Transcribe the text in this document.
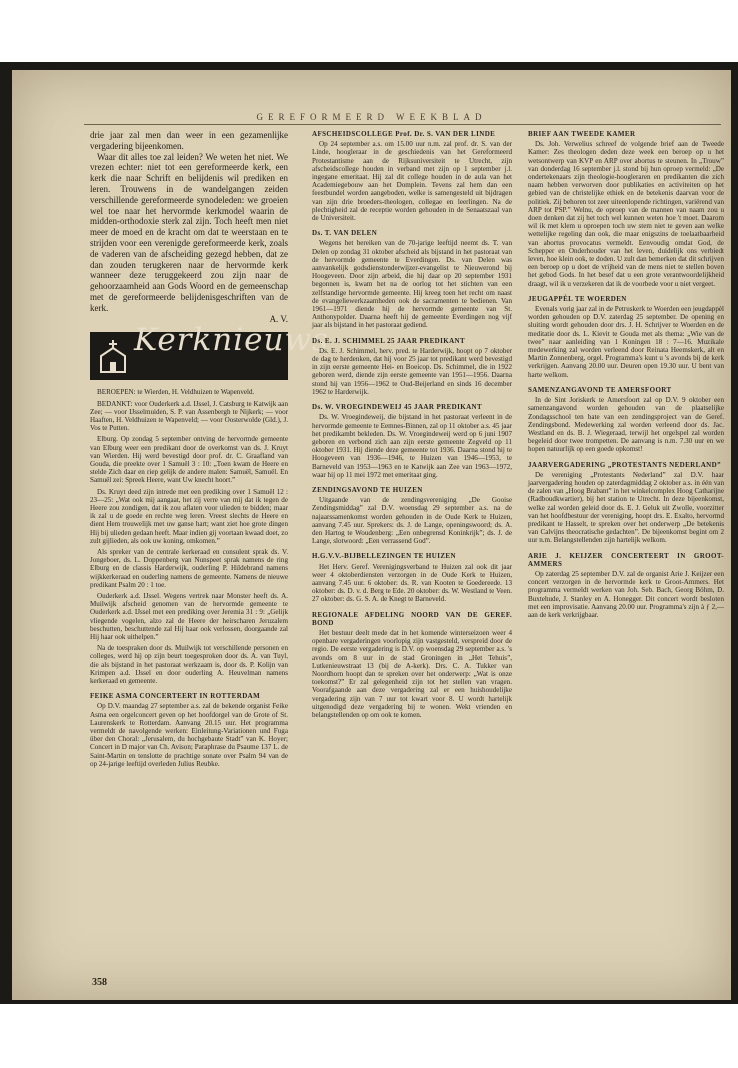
GEREFORMEERD WEEKBLAD

drie jaar zal men dan weer in een gezamenlijke vergadering bijeenkomen.

Waar dit alles toe zal leiden? We weten het niet. We vrezen echter: niet tot een gereformeerde kerk, een kerk die naar Schrift en belijdenis wil prediken en leren. Trouwens in de wandelgangen zeiden verschillende gereformeerde synodeleden: we groeien wel toe naar het hervormde kerkmodel waarin de midden-orthodoxie sterk zal zijn. Toch heeft men niet meer de moed en de kracht om dat te weerstaan en te strijden voor een verenigde gereformeerde kerk, zoals de vaderen van de afscheiding gezegd hebben, dat ze dan zouden terugkeren naar de hervormde kerk wanneer deze teruggekeerd zou zijn naar de gehoorzaamheid aan Gods Woord en de gemeenschap met de gereformeerde belijdenisgeschriften van de kerk.

A. V.
Kerknieuws

BEROEPEN: te Wierden, H. Veldhuizen te Wapenveld.

BEDANKT: voor Ouderkerk a.d. IJssel, J. Catsburg te Katwijk aan Zee; — voor IJsselmuiden, S. P. van Assenbergh te Nijkerk; — voor Haaften, H. Veldhuizen te Wapenveld; — voor Oosterwolde (Gld.), J. Vos te Putten.

Elburg. Op zondag 5 september ontving de hervormde gemeente van Elburg weer een predikant door de overkomst van ds. J. Kruyt van Wierden. Hij werd bevestigd door prof. dr. C. Graafland van Gouda, die preekte over 1 Samuël 3 : 10: „Toen kwam de Heere en stelde Zich daar en riep gelijk de andere malen: Samuël, Samuël. En Samuël zei: Spreek Heere, want Uw knecht hoort.”

Ds. Kruyt deed zijn intrede met een prediking over 1 Samuël 12 : 23—25: „Wat ook mij aangaat, het zij verre van mij dat ik tegen de Heere zou zondigen, dat ik zou aflaten voor ulieden te bidden; maar ik zal u de goede en rechte weg leren. Vreest slechts de Heere en dient Hem trouwelijk met uw ganse hart; want ziet hoe grote dingen Hij bij ulieden gedaan heeft. Maar indien gij voortaan kwaad doet, zo zult gijlieden, als ook uw koning, omkomen.”

Als spreker van de centrale kerkeraad en consulent sprak ds. V. Jongeboer, ds. L. Doppenberg van Nunspeet sprak namens de ring Elburg en de classis Harderwijk, ouderling P. Hildebrand namens wijkkerkeraad en ouderling namens de gemeente. Namens de nieuwe predikant Psalm 20 : 1 toe.

Ouderkerk a.d. IJssel. Wegens vertrek naar Monster heeft ds. A. Muilwijk afscheid genomen van de hervormde gemeente te Ouderkerk a.d. IJssel met een prediking over Jeremia 31 : 9: „Gelijk vliegende vogelen, alzo zal de Heere der heirscharen Jeruzalem beschutten, beschuttende zal Hij haar ook verlossen, doorgaande zal Hij haar ook uithelpen.”

Na de toespraken door ds. Muilwijk tot verschillende personen en colleges, werd hij op zijn beurt toegesproken door ds. A. van Tuyl, die als bijstand in het pastoraat werkzaam is, door ds. P. Kolijn van Krimpen a.d. IJssel en door ouderling A. Heuvelman namens kerkeraad en gemeente.

FEIKE ASMA CONCERTEERT IN ROTTERDAM

Op D.V. maandag 27 september a.s. zal de bekende organist Feike Asma een orgelconcert geven op het hoofdorgel van de Grote of St. Laurenskerk te Rotterdam. Aanvang 20.15 uur. Het programma vermeldt de navolgende werken: Einleitung-Variationen und Fuga über den Choral: „Jerusalem, du hochgebaute Stadt” van K. Hoyer; Concert in D major van Ch. Avison; Paraphrase du Psaume 137 L. de Saint-Martin en tenslotte de prachtige sonate over Psalm 94 van de op 24-jarige leeftijd overleden Julius Reubke.

AFSCHEIDSCOLLEGE Prof. Dr. S. VAN DER LINDE

Op 24 september a.s. om 15.00 uur n.m. zal prof. dr. S. van der Linde, hoogleraar in de geschiedenis van het Gereformeerd Protestantisme aan de Rijksuniversiteit te Utrecht, zijn afscheidscollege houden in verband met zijn op 1 september j.l. ingegane emeritaat. Hij zal dit college houden in de aula van het Academiegebouw aan het Domplein. Tevens zal hem dan een feestbundel worden aangeboden, welke is samengesteld uit bijdragen van zijn drie broeders-theologen, collegae en leerlingen. Na de plechtigheid zal de receptie worden gehouden in de Senaatszaal van de Universiteit.

Ds. T. VAN DELEN

Wegens het bereiken van de 70-jarige leeftijd neemt ds. T. van Delen op zondag 31 oktober afscheid als bijstand in het pastoraat van de hervormde gemeente te Everdingen. Ds. van Delen was aanvankelijk godsdienstonderwijzer-evangelist te Nieuwerond bij Hoogeveen. Door zijn arbeid, die hij daar op 20 september 1931 begonnen is, kwam het na de oorlog tot het stichten van een zelfstandige hervormde gemeente. Hij kreeg toen het recht om naast de evangeliewerkzaamheden ook de sacramenten te bedienen. Van 1961—1971 diende hij de hervormde gemeente van St. Anthonypolder. Daarna heeft hij de gemeente Everdingen nog vijf jaar als bijstand in het pastoraat gediend.

Ds. E. J. SCHIMMEL 25 JAAR PREDIKANT

Ds. E. J. Schimmel, herv. pred. te Harderwijk, hoopt op 7 oktober de dag te herdenken, dat hij voor 25 jaar tot predikant werd bevestigd in zijn eerste gemeente Hei- en Boeicop. Ds. Schimmel, die in 1922 geboren werd, diende zijn eerste gemeente van 1951—1956. Daarna stond hij van 1956—1962 te Oud-Beijerland en sinds 16 december 1962 te Harderwijk.

Ds. W. VROEGINDEWEIJ 45 JAAR PREDIKANT

Ds. W. Vroegindeweij, die bijstand in het pastoraat verleent in de hervormde gemeente te Eemnes-Binnen, zal op 11 oktober a.s. 45 jaar het predikambt bekleden. Ds. W. Vroegindeweij werd op 6 juni 1907 geboren en verbond zich aan zijn eerste gemeente Zegveld op 11 oktober 1931. Hij diende deze gemeente tot 1936. Daarna stond hij te Hoogeveen van 1936—1946, te Huizen van 1946—1953, te Barneveld van 1953—1963 en te Katwijk aan Zee van 1963—1972, waar hij op 11 mei 1972 met emeritaat ging.

ZENDINGSAVOND TE HUIZEN

Uitgaande van de zendingsvereniging „De Gooise Zendingsmiddag” zal D.V. woensdag 29 september a.s. na de najaarssamenkomst worden gehouden in de Oude Kerk te Huizen, aanvang 7.45 uur. Sprekers: ds. J. de Lange, openingswoord; ds. A. den Hartog te Woudenberg: „Een onbegrensd Koninkrijk”; ds. J. de Lange, slotwoord: „Een verrassend God”.

H.G.V.V.-BIJBELLEZINGEN TE HUIZEN

Het Herv. Geref. Verenigingsverband te Huizen zal ook dit jaar weer 4 oktoberdiensten verzorgen in de Oude Kerk te Huizen, aanvang 7.45 uur. 6 oktober: ds. R. van Kooten te Goedereede. 13 oktober: ds. D. v. d. Berg te Ede. 20 oktober: ds. W. Westland te Veen. 27 oktober: ds. G. S. A. de Knegt te Barneveld.

REGIONALE AFDELING NOORD VAN DE GEREF. BOND

Het bestuur deelt mede dat in het komende winterseizoen weer 4 openbare vergaderingen voorlopig zijn vastgesteld, verspreid door de regio. De eerste vergadering is D.V. op woensdag 29 september a.s. 's avonds om 8 uur in de stad Groningen in „Het Tehuis”, Lutkenieuwstraat 13 (bij de A-kerk). Drs. C. A. Tukker van Noordhorn hoopt dan te spreken over het onderwerp: „Wat is onze toekomst?” Er zal gelegenheid zijn tot het stellen van vragen. Voorafgaande aan deze vergadering zal er een huishoudelijke vergadering zijn van 7 uur tot kwart voor 8. U wordt hartelijk uitgenodigd deze vergadering bij te wonen. Wekt vrienden en belangstellenden op om ook te komen.

BRIEF AAN TWEEDE KAMER

Ds. Joh. Verwelius schreef de volgende brief aan de Tweede Kamer: Zes theologen deden deze week een beroep op u het wetsontwerp van KVP en ARP over abortus te steunen. In „Trouw” van donderdag 16 september j.l. stond bij hun oproep vermeld: „De ondertekenaars zijn theologie-hoogleraren en predikanten die zich naam hebben verworven door publikaties en activiteiten op het gebied van de christelijke ethiek en de betekenis daarvan voor de politiek. Zij behoren tot zeer uiteenlopende richtingen, variërend van ARP tot PSP.” Welnu, de oproep van de mannen van naam zou u doen denken dat zij het toch wel kunnen weten hoe 't moet. Daarom wil ik met klem u oproepen toch uw stem niet te geven aan welke wettelijke regeling dan ook, die maar enigszins de toelaatbaarheid van abortus provocatus vermeldt. Eenvoudig omdat God, de Schepper en Onderhouder van het leven, duidelijk ons verbiedt leven, hoe klein ook, te doden. U zult dan bemerken dat dit schrijven een beroep op u doet de vrijheid van de mens niet te stellen boven het gebod Gods. In het besef dat u een grote verantwoordelijkheid draagt, wil ik u verzekeren dat ik de voorbede voor u niet vergeet.

JEUGAPPÈL TE WOERDEN

Evenals vorig jaar zal in de Petruskerk te Woerden een jeugdappèl worden gehouden op D.V. zaterdag 25 september. De opening en sluiting wordt gehouden door drs. J. H. Schrijver te Woerden en de meditatie door ds. L. Kievit te Gouda met als thema: „Wie van de twee” naar aanleiding van 1 Koningen 18 : 7—16. Muzikale medewerking zal worden verleend door Reinata Heemskerk, alt en Martin Zonnenberg, orgel. Programma's kunt u 's avonds bij de kerk verkrijgen. Aanvang 20.00 uur. Deuren open 19.30 uur. U bent van harte welkom.

SAMENZANGAVOND TE AMERSFOORT

In de Sint Joriskerk te Amersfoort zal op D.V. 9 oktober een samenzangavond worden gehouden van de plaatselijke Zondagsschool ten bate van een zendingsproject van de Geref. Zendingsbond. Medewerking zal worden verleend door ds. Jac. Westland en ds. B. J. Wiegeraad, terwijl het orgelspel zal worden begeleid door twee trompetten. De aanvang is n.m. 7.30 uur en we hopen natuurlijk op een goede opkomst!

JAARVERGADERING „PROTESTANTS NEDERLAND”

De vereniging „Protestants Nederland” zal D.V. haar jaarvergadering houden op zaterdagmiddag 2 oktober a.s. in één van de zalen van „Hoog Brabant” in het winkelcomplex Hoog Catharijne (Radboudkwartier), bij het station te Utrecht. In deze bijeenkomst, welke zal worden geleid door ds. E. J. Geluk uit Zwolle, voorzitter van het hoofdbestuur der vereniging, hoopt drs. E. Exalto, hervormd predikant te Hasselt, te spreken over het onderwerp „De betekenis van Calvijns theocratische gedachten”. De bijeenkomst begint om 2 uur n.m. Belangstellenden zijn hartelijk welkom.

ARIE J. KEIJZER CONCERTEERT IN GROOT-AMMERS

Op zaterdag 25 september D.V. zal de organist Arie J. Keijzer een concert verzorgen in de hervormde kerk te Groot-Ammers. Het programma vermeldt werken van Joh. Seb. Bach, Georg Böhm, D. Buxtehude, J. Stanley en A. Honegger. Dit concert wordt besloten met een improvisatie. Aanvang 20.00 uur. Programma's zijn à ƒ 2,— aan de kerk verkrijgbaar.

358
